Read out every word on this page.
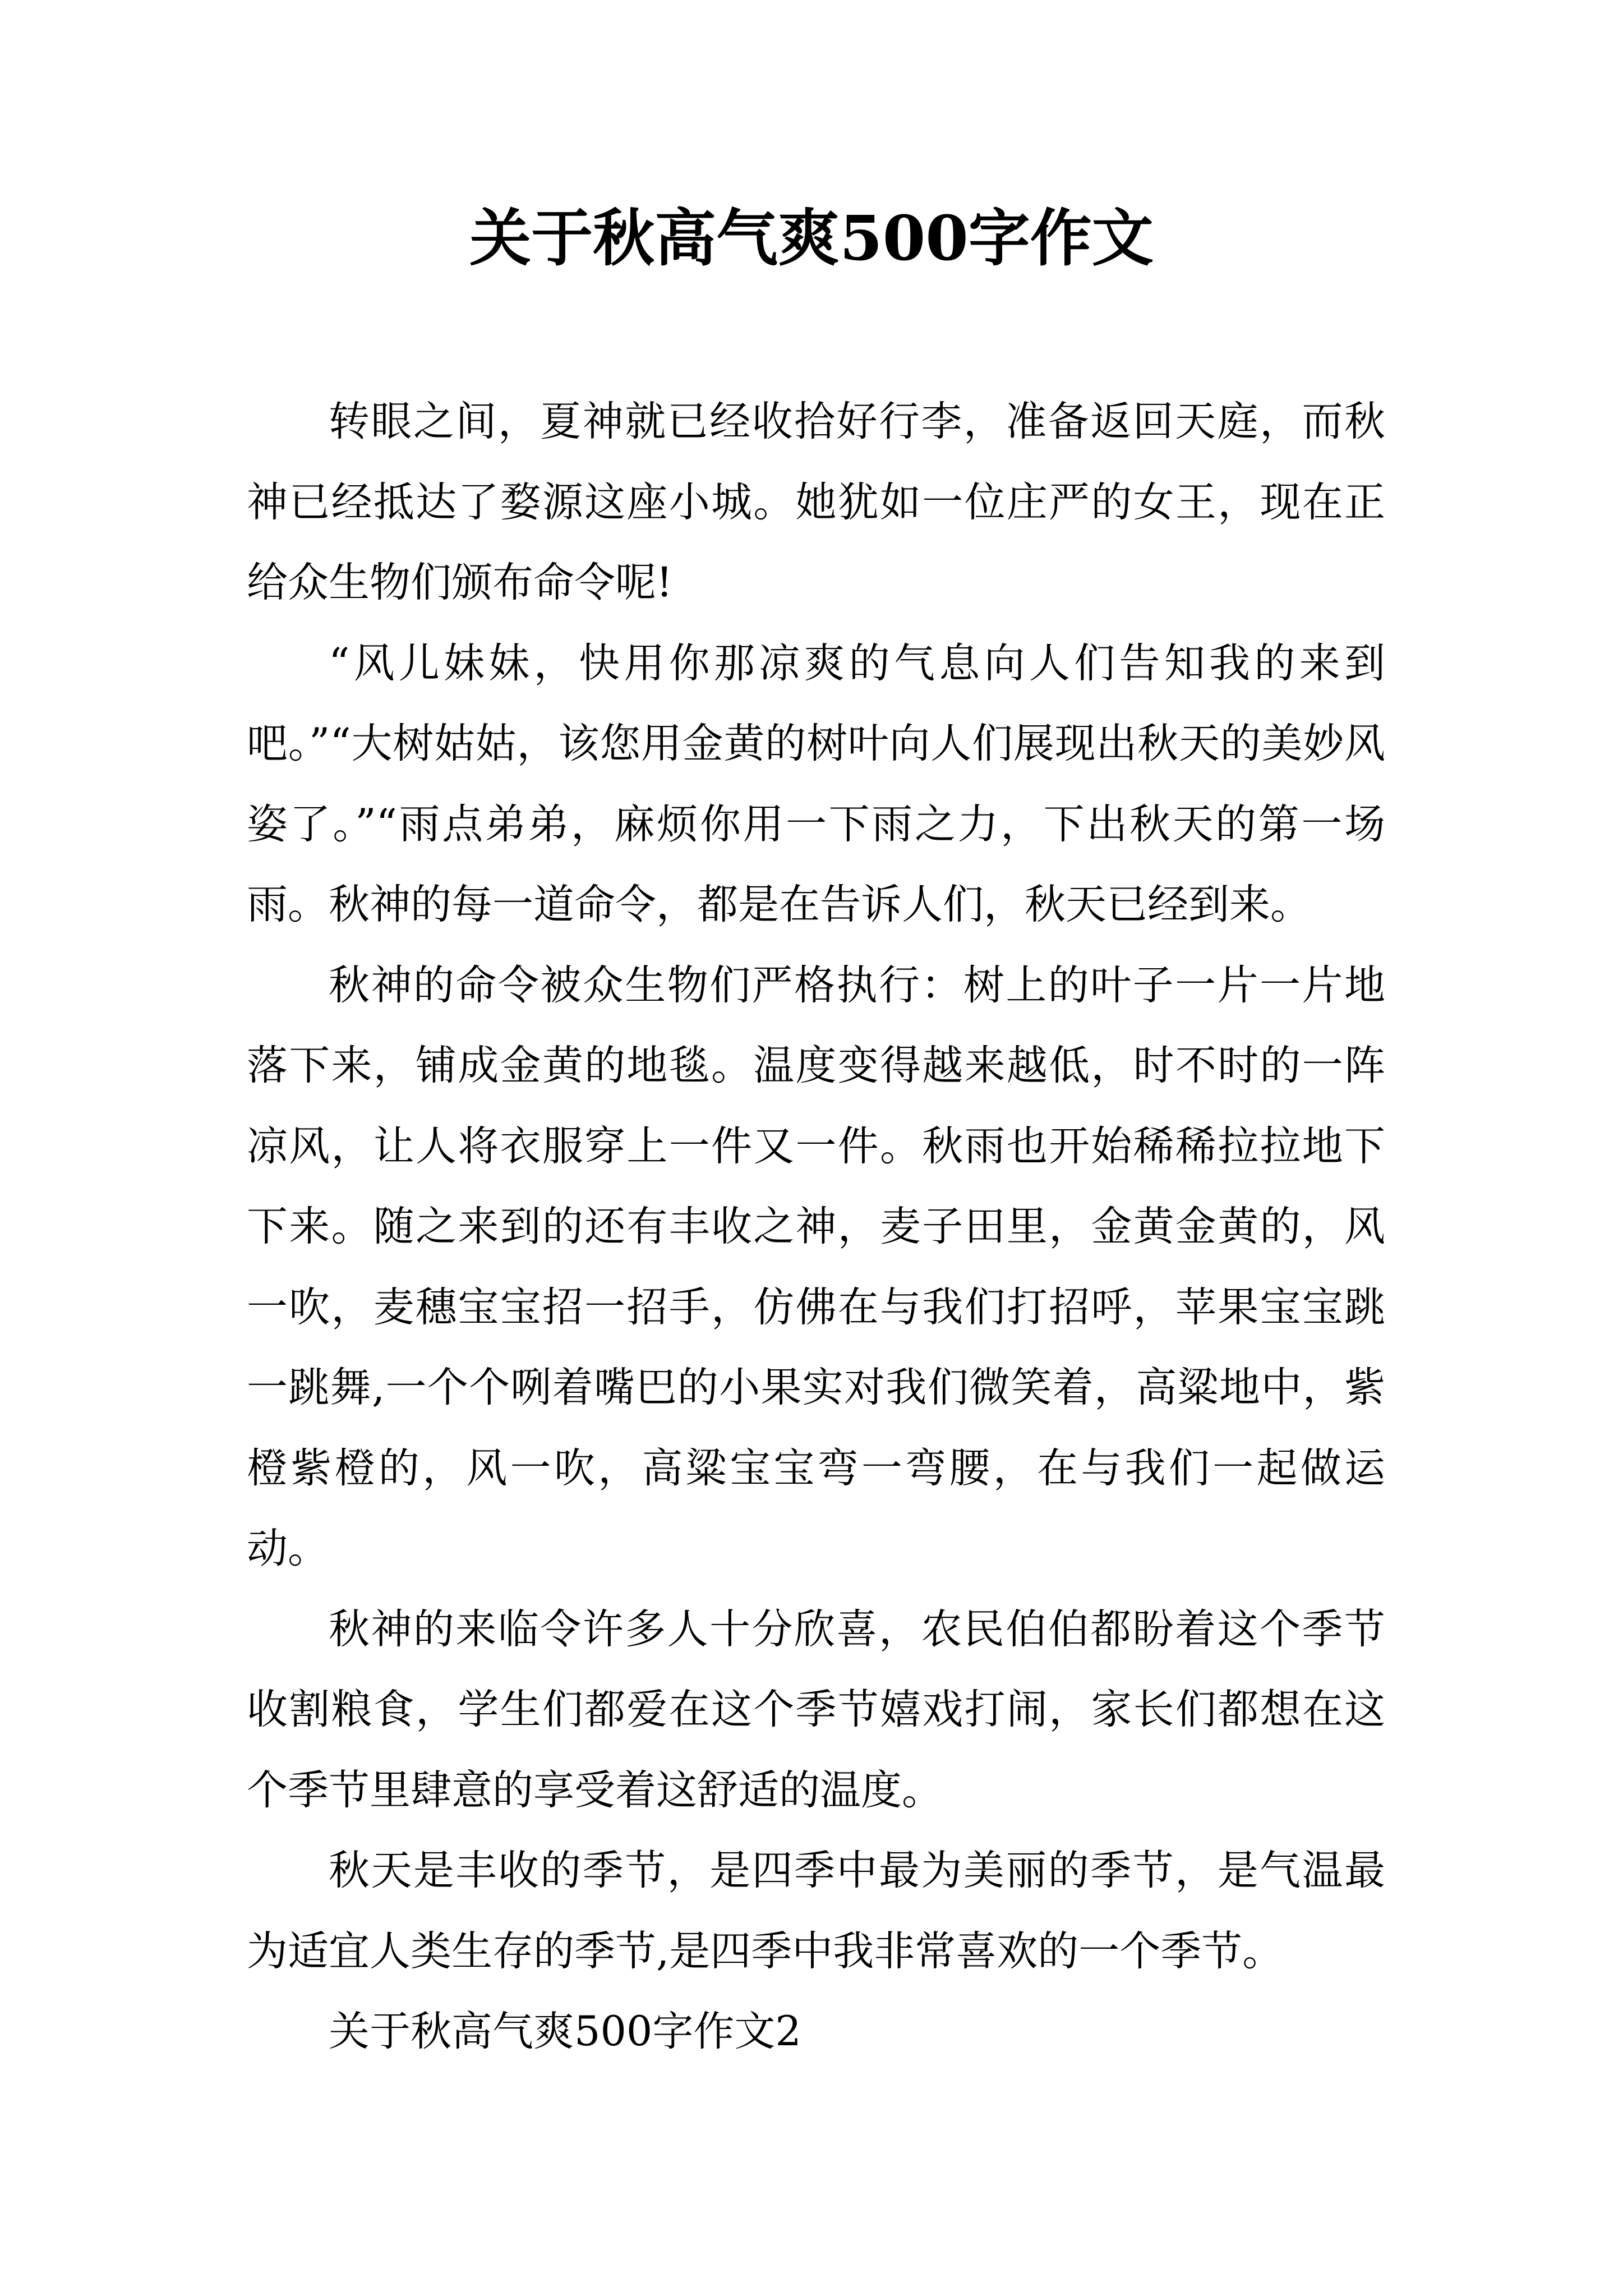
关于秋高气爽500字作文

转眼之间，夏神就已经收拾好行李，准备返回天庭，而秋神已经抵达了婺源这座小城。她犹如一位庄严的女王，现在正给众生物们颁布命令呢!

“风儿妹妹，快用你那凉爽的气息向人们告知我的来到吧。”“大树姑姑，该您用金黄的树叶向人们展现出秋天的美妙风姿了。”“雨点弟弟，麻烦你用一下雨之力，下出秋天的第一场雨。秋神的每一道命令，都是在告诉人们，秋天已经到来。

秋神的命令被众生物们严格执行：树上的叶子一片一片地落下来，铺成金黄的地毯。温度变得越来越低，时不时的一阵凉风，让人将衣服穿上一件又一件。秋雨也开始稀稀拉拉地下下来。随之来到的还有丰收之神，麦子田里，金黄金黄的，风一吹，麦穗宝宝招一招手，仿佛在与我们打招呼，苹果宝宝跳一跳舞,一个个咧着嘴巴的小果实对我们微笑着，高粱地中，紫橙紫橙的，风一吹，高粱宝宝弯一弯腰，在与我们一起做运动。

秋神的来临令许多人十分欣喜，农民伯伯都盼着这个季节收割粮食，学生们都爱在这个季节嬉戏打闹，家长们都想在这个季节里肆意的享受着这舒适的温度。

秋天是丰收的季节，是四季中最为美丽的季节，是气温最为适宜人类生存的季节,是四季中我非常喜欢的一个季节。

关于秋高气爽500字作文2
